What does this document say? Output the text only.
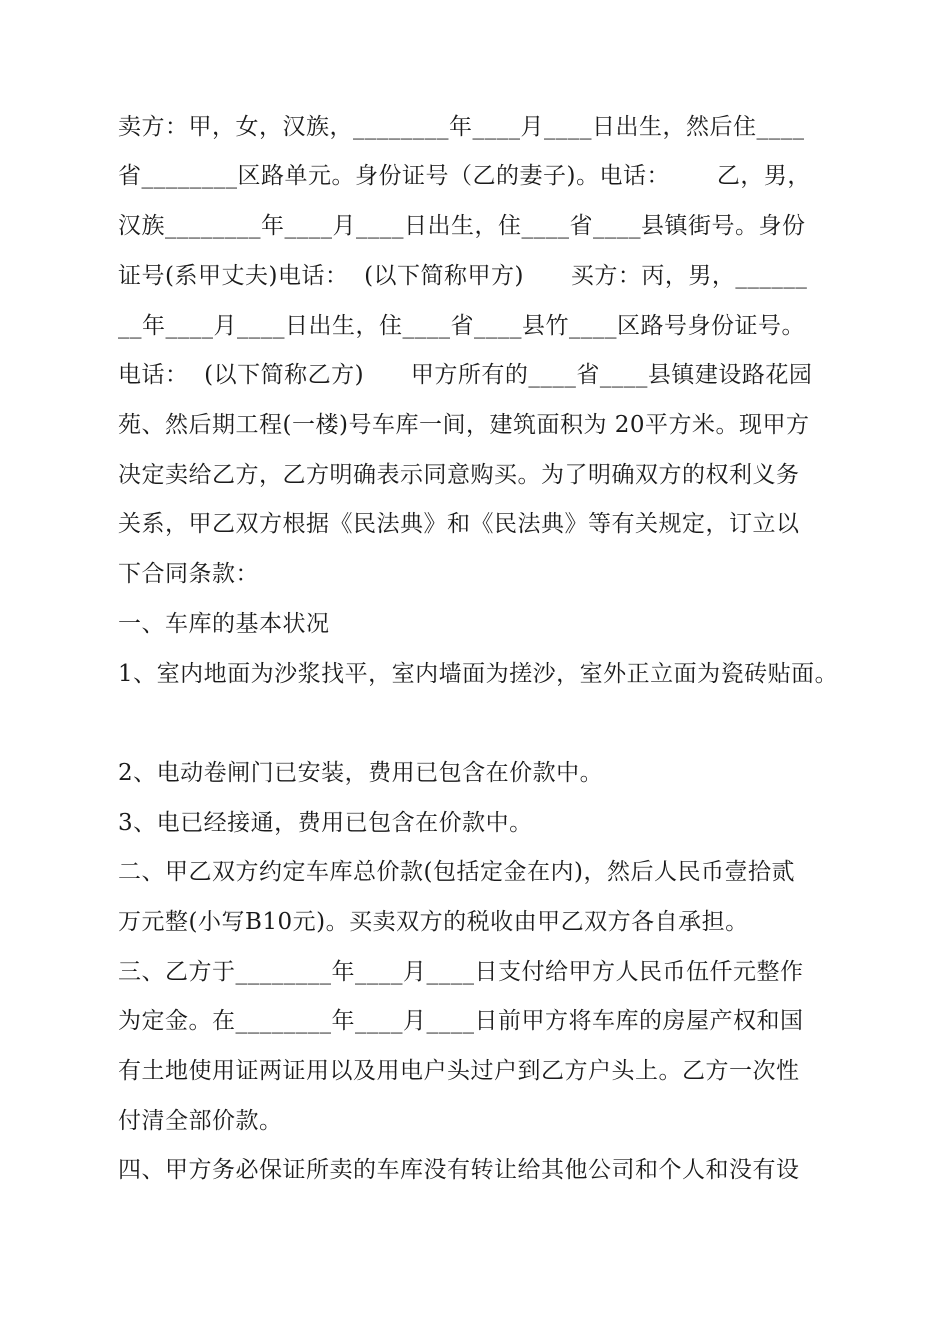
卖方：甲，女，汉族，________年____月____日出生，然后住____
省________区路单元。身份证号（乙的妻子)。电话：      乙，男，
汉族________年____月____日出生，住____省____县镇街号。身份
证号(系甲丈夫)电话：  (以下简称甲方)      买方：丙，男，______
__年____月____日出生，住____省____县竹____区路号身份证号。
电话：  (以下简称乙方)      甲方所有的____省____县镇建设路花园
苑、然后期工程(一楼)号车库一间，建筑面积为 20平方米。现甲方
决定卖给乙方，乙方明确表示同意购买。为了明确双方的权利义务
关系，甲乙双方根据《民法典》和《民法典》等有关规定，订立以
下合同条款：
一、车库的基本状况
1、室内地面为沙浆找平，室内墙面为搓沙，室外正立面为瓷砖贴面。
2、电动卷闸门已安装，费用已包含在价款中。
3、电已经接通，费用已包含在价款中。
二、甲乙双方约定车库总价款(包括定金在内)，然后人民币壹拾贰
万元整(小写B10元)。买卖双方的税收由甲乙双方各自承担。
三、乙方于________年____月____日支付给甲方人民币伍仟元整作
为定金。在________年____月____日前甲方将车库的房屋产权和国
有土地使用证两证用以及用电户头过户到乙方户头上。乙方一次性
付清全部价款。
四、甲方务必保证所卖的车库没有转让给其他公司和个人和没有设
